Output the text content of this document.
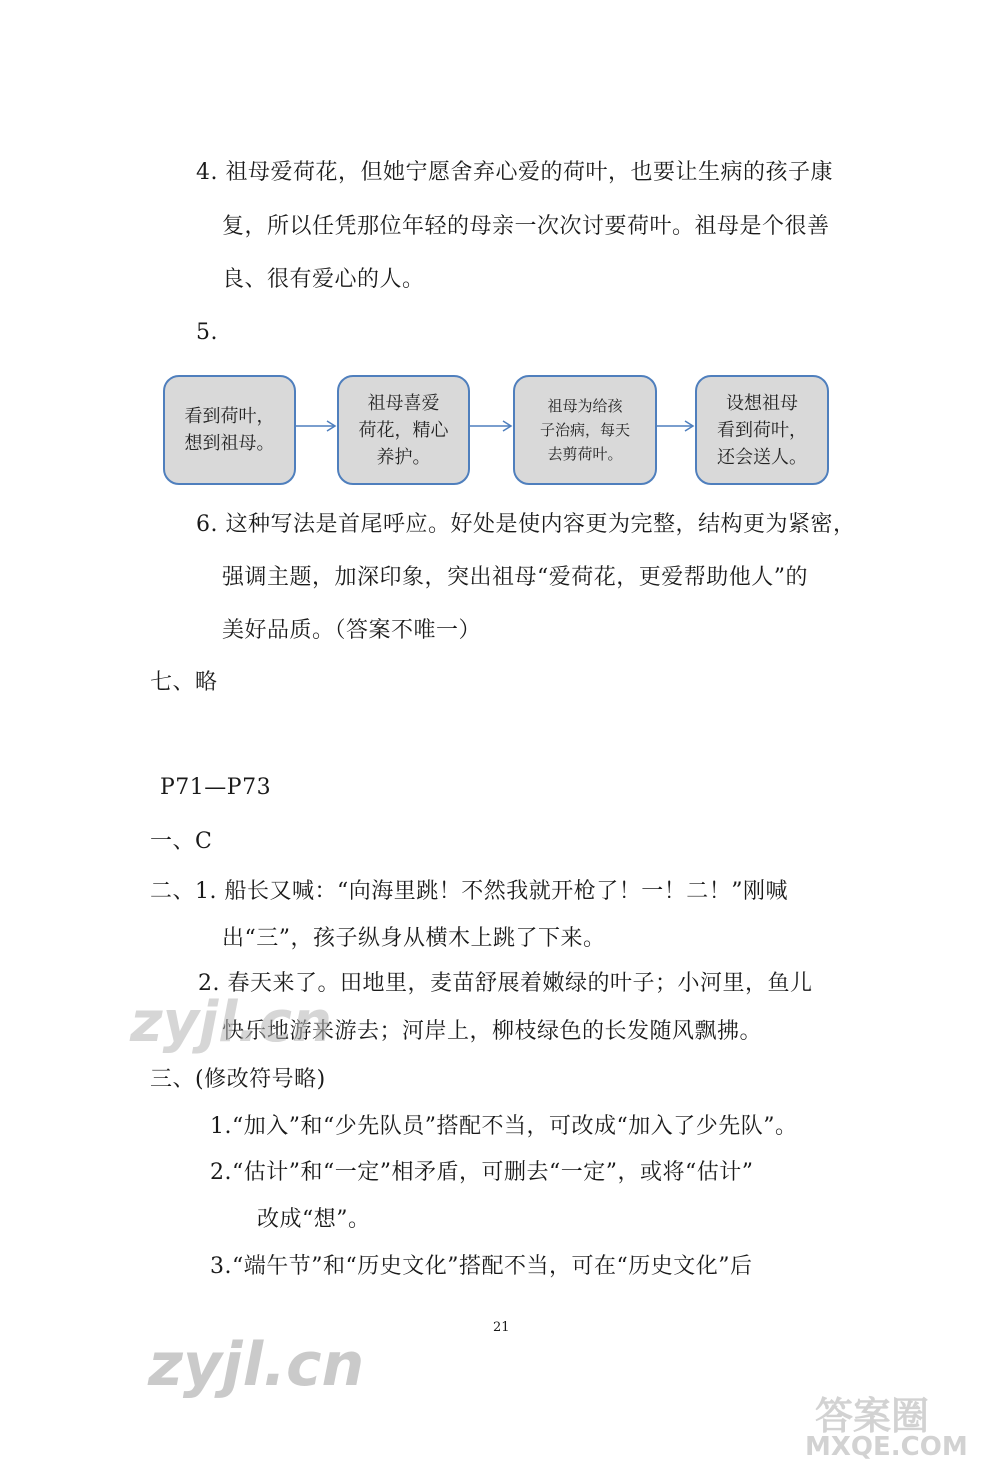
4. 祖母爱荷花，但她宁愿舍弃心爱的荷叶，也要让生病的孩子康
复，所以任凭那位年轻的母亲一次次讨要荷叶。祖母是个很善
良、很有爱心的人。
5.
看到荷叶，
想到祖母。
祖母喜爱
荷花，精心
养护。
祖母为给孩
子治病，每天
去剪荷叶。
设想祖母
看到荷叶，
还会送人。
6. 这种写法是首尾呼应。好处是使内容更为完整，结构更为紧密，
强调主题，加深印象，突出祖母“爱荷花，更爱帮助他人”的
美好品质。（答案不唯一）
七、略
P71—P73
一、C
二、1. 船长又喊：“向海里跳！不然我就开枪了！一！二！”刚喊
出“三”，孩子纵身从横木上跳了下来。
2. 春天来了。田地里，麦苗舒展着嫩绿的叶子；小河里，鱼儿
快乐地游来游去；河岸上，柳枝绿色的长发随风飘拂。
三、(修改符号略)
1.“加入”和“少先队员”搭配不当，可改成“加入了少先队”。
2.“估计”和“一定”相矛盾，可删去“一定”，或将“估计”
改成“想”。
3.“端午节”和“历史文化”搭配不当，可在“历史文化”后
21
zyjl.cn
zyjl.cn
答案圈
MXQE.COM
